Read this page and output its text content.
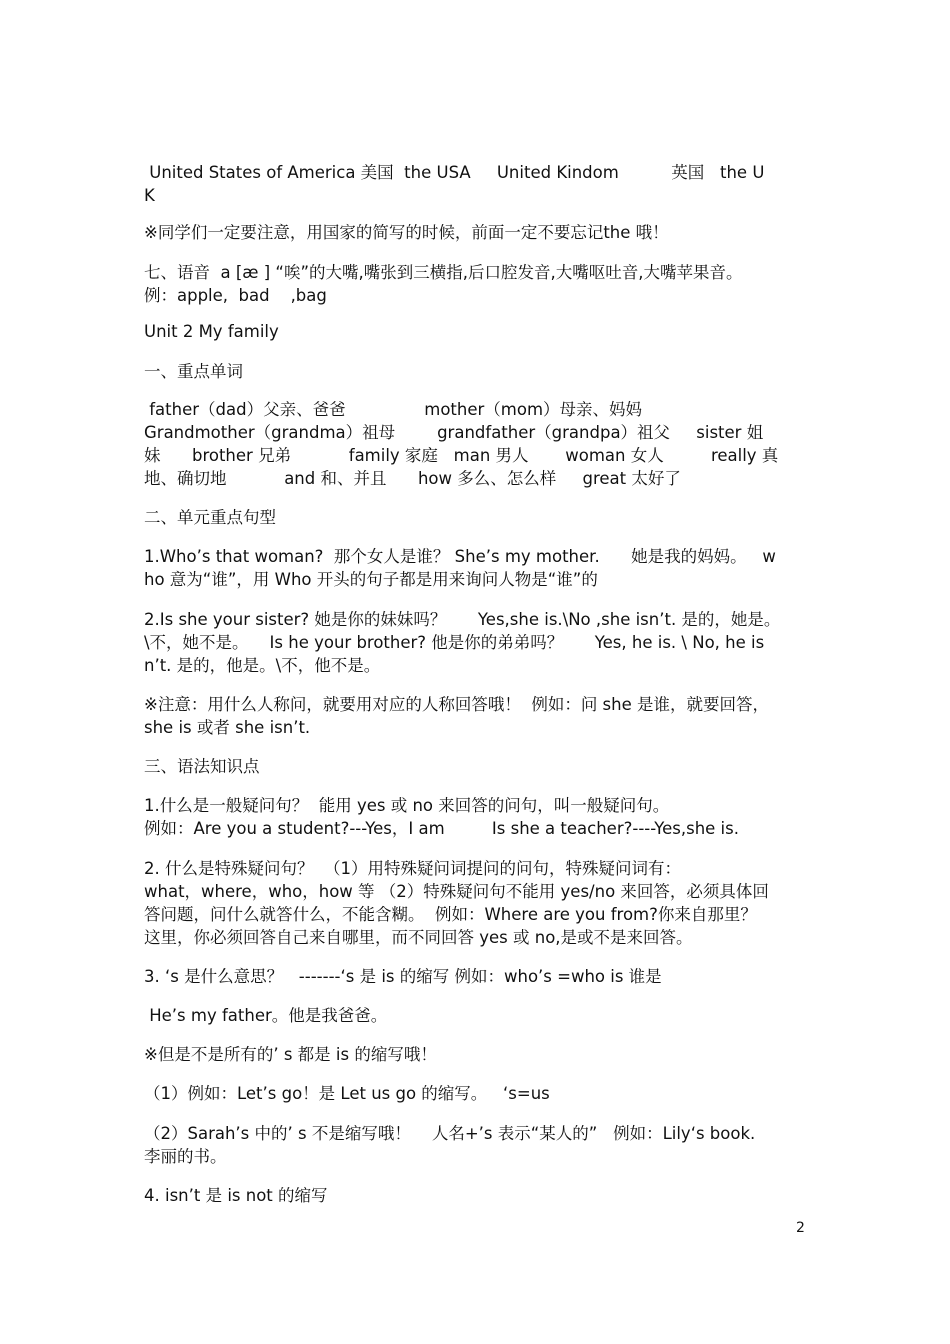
United States of America 美国  the USA     United Kindom          英国   the U
K

※同学们一定要注意，用国家的简写的时候，前面一定不要忘记the 哦！

七、语音  a [æ ] “唉”的大嘴,嘴张到三横指,后口腔发音,大嘴呕吐音,大嘴苹果音。
例：apple,  bad    ,bag

Unit 2 My family

一、重点单词

father（dad）父亲、爸爸               mother（mom）母亲、妈妈
Grandmother（grandma）祖母        grandfather（grandpa）祖父     sister 姐
妹      brother 兄弟           family 家庭   man 男人       woman 女人         really 真
地、确切地           and 和、并且      how 多么、怎么样     great 太好了

二、单元重点句型

1.Who’s that woman?  那个女人是谁？ She’s my mother.      她是我的妈妈。   w
ho 意为“谁”，用 Who 开头的句子都是用来询问人物是“谁”的

2.Is she your sister? 她是你的妹妹吗？      Yes,she is.\No ,she isn’t. 是的，她是。
\不，她不是。    Is he your brother? 他是你的弟弟吗？      Yes, he is. \ No, he is
n’t. 是的，他是。\不，他不是。

※注意：用什么人称问，就要用对应的人称回答哦！  例如：问 she 是谁，就要回答，
she is 或者 she isn’t.

三、语法知识点

1.什么是一般疑问句？  能用 yes 或 no 来回答的问句，叫一般疑问句。
例如：Are you a student?---Yes，I am         Is she a teacher?----Yes,she is.

2. 什么是特殊疑问句？  （1）用特殊疑问词提问的问句，特殊疑问词有：
what，where，who，how 等 （2）特殊疑问句不能用 yes/no 来回答，必须具体回
答问题，问什么就答什么，不能含糊。  例如：Where are you from?你来自那里？
这里，你必须回答自己来自哪里，而不同回答 yes 或 no,是或不是来回答。

3. ‘s 是什么意思？   -------‘s 是 is 的缩写 例如：who’s =who is 谁是

He’s my father。他是我爸爸。

※但是不是所有的’ s 都是 is 的缩写哦！

（1）例如：Let’s go！是 Let us go 的缩写。   ‘s=us

（2）Sarah’s 中的’ s 不是缩写哦！    人名+’s 表示“某人的”   例如：Lily‘s book.
李丽的书。

4. isn’t 是 is not 的缩写

2
